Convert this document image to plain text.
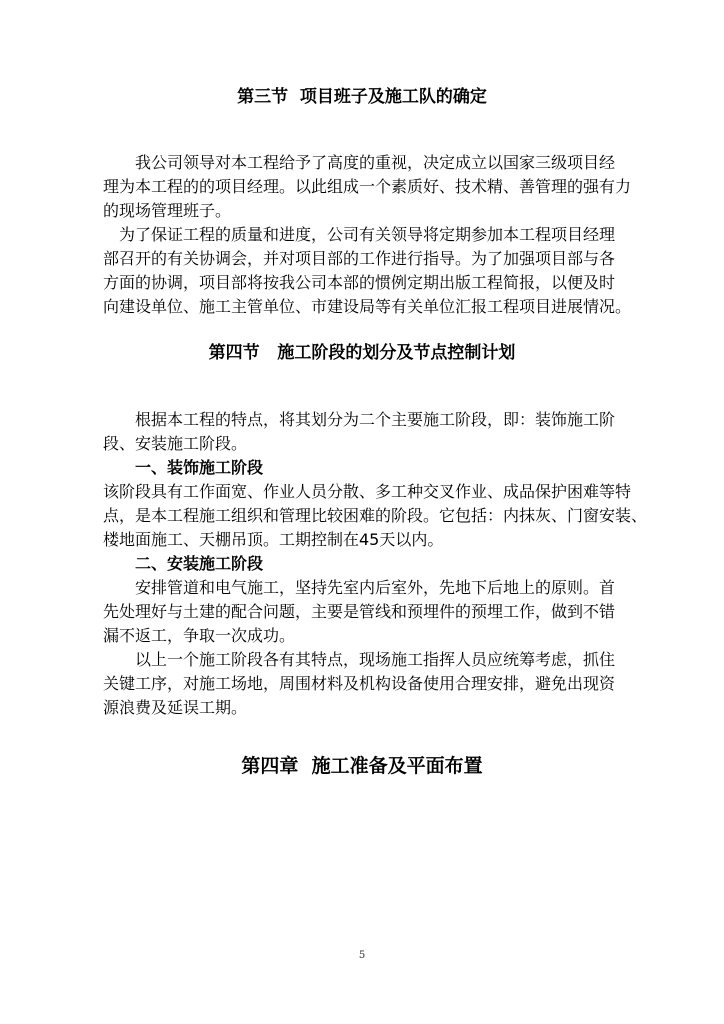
第三节  项目班子及施工队的确定
我公司领导对本工程给予了高度的重视，决定成立以国家三级项目经
理为本工程的的项目经理。以此组成一个素质好、技术精、善管理的强有力
的现场管理班子。
为了保证工程的质量和进度，公司有关领导将定期参加本工程项目经理
部召开的有关协调会，并对项目部的工作进行指导。为了加强项目部与各
方面的协调，项目部将按我公司本部的惯例定期出版工程简报，以便及时
向建设单位、施工主管单位、市建设局等有关单位汇报工程项目进展情况。
第四节   施工阶段的划分及节点控制计划
根据本工程的特点，将其划分为二个主要施工阶段，即：装饰施工阶
段、安装施工阶段。
一、装饰施工阶段
该阶段具有工作面宽、作业人员分散、多工种交叉作业、成品保护困难等特
点，是本工程施工组织和管理比较困难的阶段。它包括：内抹灰、门窗安装、
楼地面施工、天棚吊顶。工期控制在45天以内。
二、安装施工阶段
安排管道和电气施工，坚持先室内后室外，先地下后地上的原则。首
先处理好与土建的配合问题，主要是管线和预埋件的预埋工作，做到不错
漏不返工，争取一次成功。
以上一个施工阶段各有其特点，现场施工指挥人员应统筹考虑，抓住
关键工序，对施工场地，周围材料及机构设备使用合理安排，避免出现资
源浪费及延误工期。
第四章  施工准备及平面布置
5
